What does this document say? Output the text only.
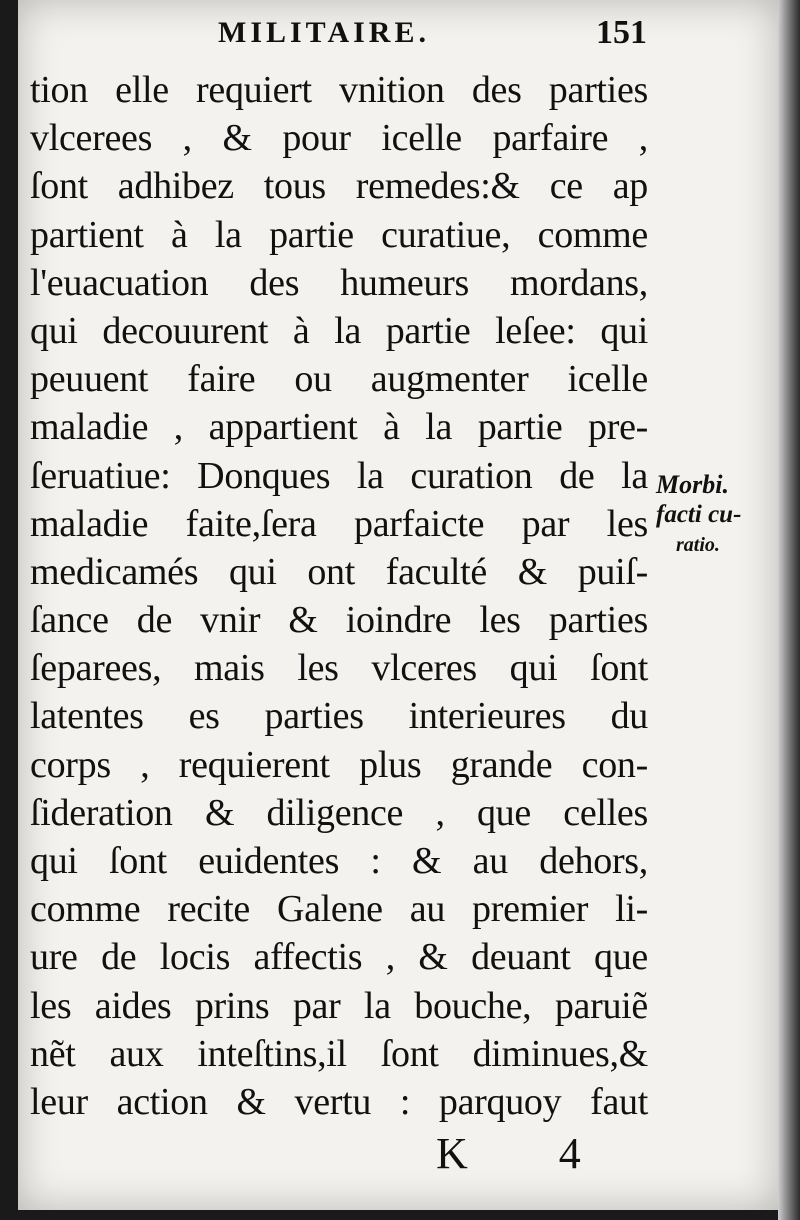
MILITAIRE.	151
tion elle requiert vnition des parties
vlcerees , & pour icelle parfaire ,
ſont adhibez tous remedes:& ce ap
partient à la partie curatiue, comme
l'euacuation des humeurs mordans,
qui decouurent à la partie leſee: qui
peuuent faire ou augmenter icelle
maladie , appartient à la partie pre-
ſeruatiue: Donques la curation de la
maladie faite,ſera parfaicte par les
medicamés qui ont faculté & puiſ-
ſance de vnir & ioindre les parties
ſeparees, mais les vlceres qui ſont
latentes es parties interieures du
corps , requierent plus grande con-
ſideration & diligence , que celles
qui ſont euidentes : & au dehors,
comme recite Galene au premier li-
ure de locis affectis , & deuant que
les aides prins par la bouche, paruiẽ
nẽt aux inteſtins,il ſont diminues,&
leur action & vertu : parquoy faut
Morbi.
facti cu-
ratio.
K 4
